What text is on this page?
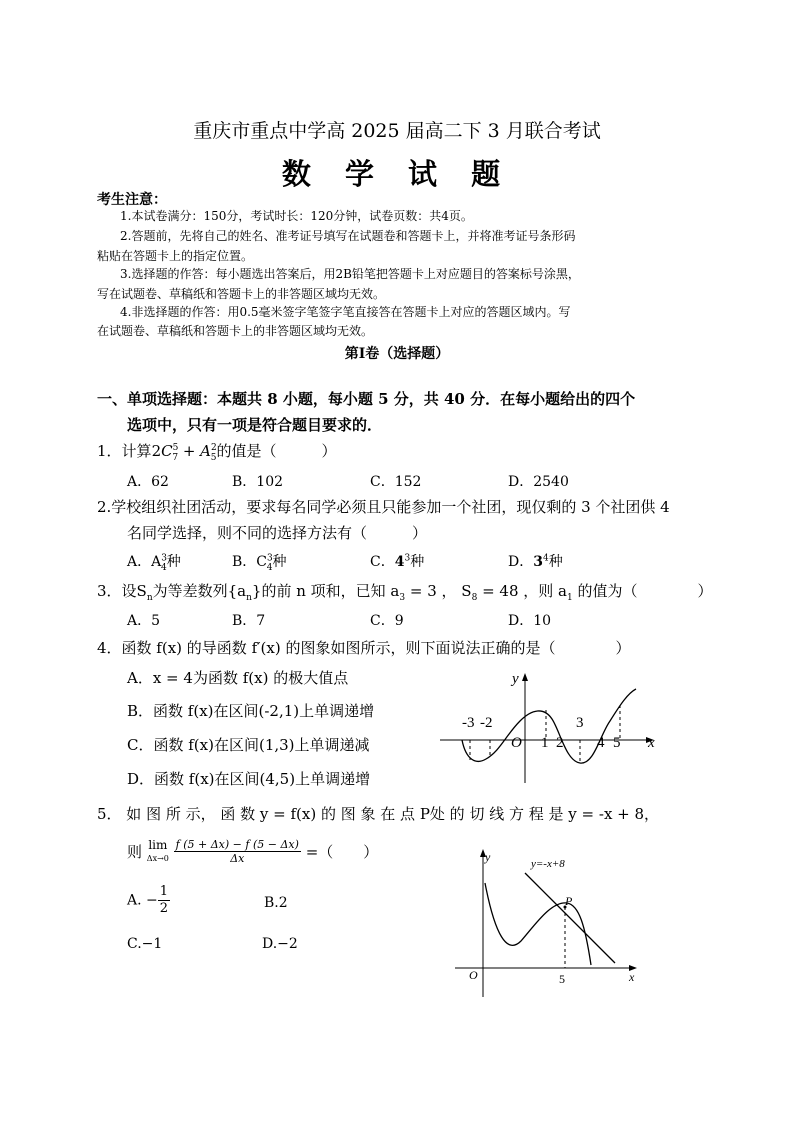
重庆市重点中学高 2025 届高二下 3 月联合考试
数 学 试 题
考生注意：
1.本试卷满分：150分，考试时长：120分钟，试卷页数：共4页。
2.答题前，先将自己的姓名、准考证号填写在试题卷和答题卡上，并将准考证号条形码
粘贴在答题卡上的指定位置。
3.选择题的作答：每小题选出答案后，用2B铅笔把答题卡上对应题目的答案标号涂黑，
写在试题卷、草稿纸和答题卡上的非答题区域均无效。
4.非选择题的作答：用0.5毫米签字笔签字笔直接答在答题卡上对应的答题区域内。写
在试题卷、草稿纸和答题卡上的非答题区域均无效。
第Ⅰ卷（选择题）
一、单项选择题：本题共 8 小题，每小题 5 分，共 40 分．在每小题给出的四个
选项中，只有一项是符合题目要求的．
1．计算$2C^5_7 + A^2_5$的值是（　　　）
A．62	B．102	C．152	D．2540
2.学校组织社团活动，要求每名同学必须且只能参加一个社团，现仅剩的 3 个社团供 4
名同学选择，则不同的选择方法有（　　　）
A．$A^3_4$种	B．$C^3_4$种	C．$4^3$种	D．$3^4$种
3．设$S_n$为等差数列$\{a_n\}$的前 n 项和，已知 $a_3 = 3$ ， $S_8 = 48$ ，则 $a_1$ 的值为（　　　　）
A．5	B．7	C．9	D．10
4．函数 f(x) 的导函数 f′(x) 的图象如图所示，则下面说法正确的是（　　　　）
A．x = 4为函数 f(x) 的极大值点
B．函数 f(x)在区间(-2,1)上单调递增
C．函数 f(x)在区间(1,3)上单调递减
D．函数 f(x)在区间(4,5)上单调递增
y
x
O
-3 -2
1 2
3
4 5
5． 如 图 所 示， 函 数 y = f(x) 的 图 象 在 点 P处 的 切 线 方 程 是 y = -x + 8，
则 lim
$\Delta x\to 0 \frac{f (5 + \Delta x) - f (5 - \Delta x)}{\Delta x}$ =（　　）
A. − $\frac{1}{2}$	B.2
C.−1	D.−2
y
x
O
P
5
y=-x+8
